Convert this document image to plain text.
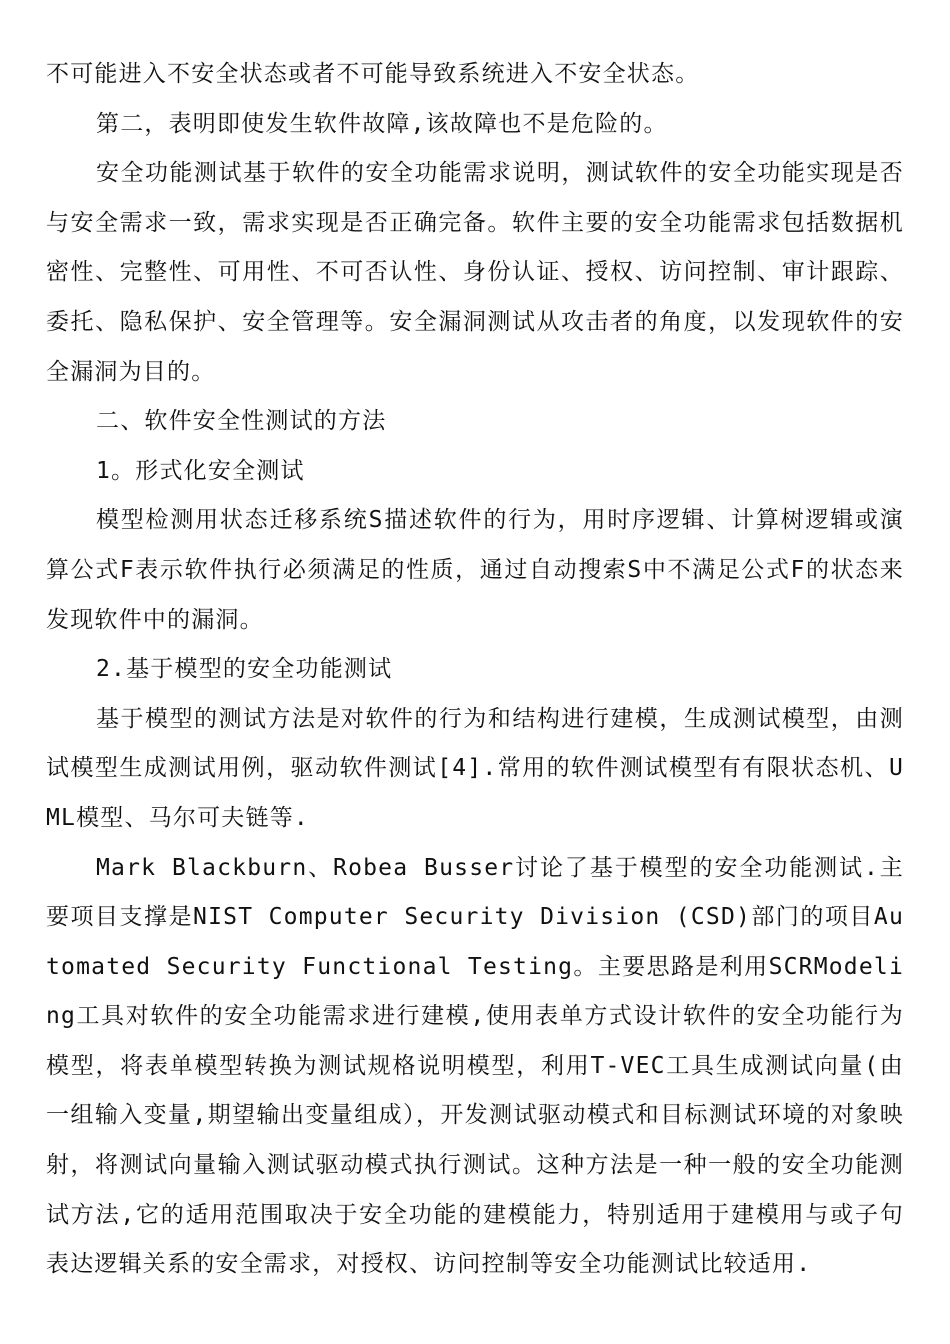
不可能进入不安全状态或者不可能导致系统进入不安全状态。

第二，表明即使发生软件故障,该故障也不是危险的。

安全功能测试基于软件的安全功能需求说明，测试软件的安全功能实现是否与安全需求一致，需求实现是否正确完备。软件主要的安全功能需求包括数据机密性、完整性、可用性、不可否认性、身份认证、授权、访问控制、审计跟踪、委托、隐私保护、安全管理等。安全漏洞测试从攻击者的角度，以发现软件的安全漏洞为目的。

二、软件安全性测试的方法

1。形式化安全测试

模型检测用状态迁移系统S描述软件的行为，用时序逻辑、计算树逻辑或演算公式F表示软件执行必须满足的性质，通过自动搜索S中不满足公式F的状态来发现软件中的漏洞。

2.基于模型的安全功能测试

基于模型的测试方法是对软件的行为和结构进行建模，生成测试模型，由测试模型生成测试用例，驱动软件测试[4].常用的软件测试模型有有限状态机、UML模型、马尔可夫链等.

Mark Blackburn、Robea Busser讨论了基于模型的安全功能测试.主要项目支撑是NIST Computer Security Division (CSD)部门的项目Automated Security Functional Testing。主要思路是利用SCRModeling工具对软件的安全功能需求进行建模,使用表单方式设计软件的安全功能行为模型，将表单模型转换为测试规格说明模型，利用T-VEC工具生成测试向量(由一组输入变量,期望输出变量组成），开发测试驱动模式和目标测试环境的对象映射，将测试向量输入测试驱动模式执行测试。这种方法是一种一般的安全功能测试方法,它的适用范围取决于安全功能的建模能力，特别适用于建模用与或子句表达逻辑关系的安全需求，对授权、访问控制等安全功能测试比较适用.
